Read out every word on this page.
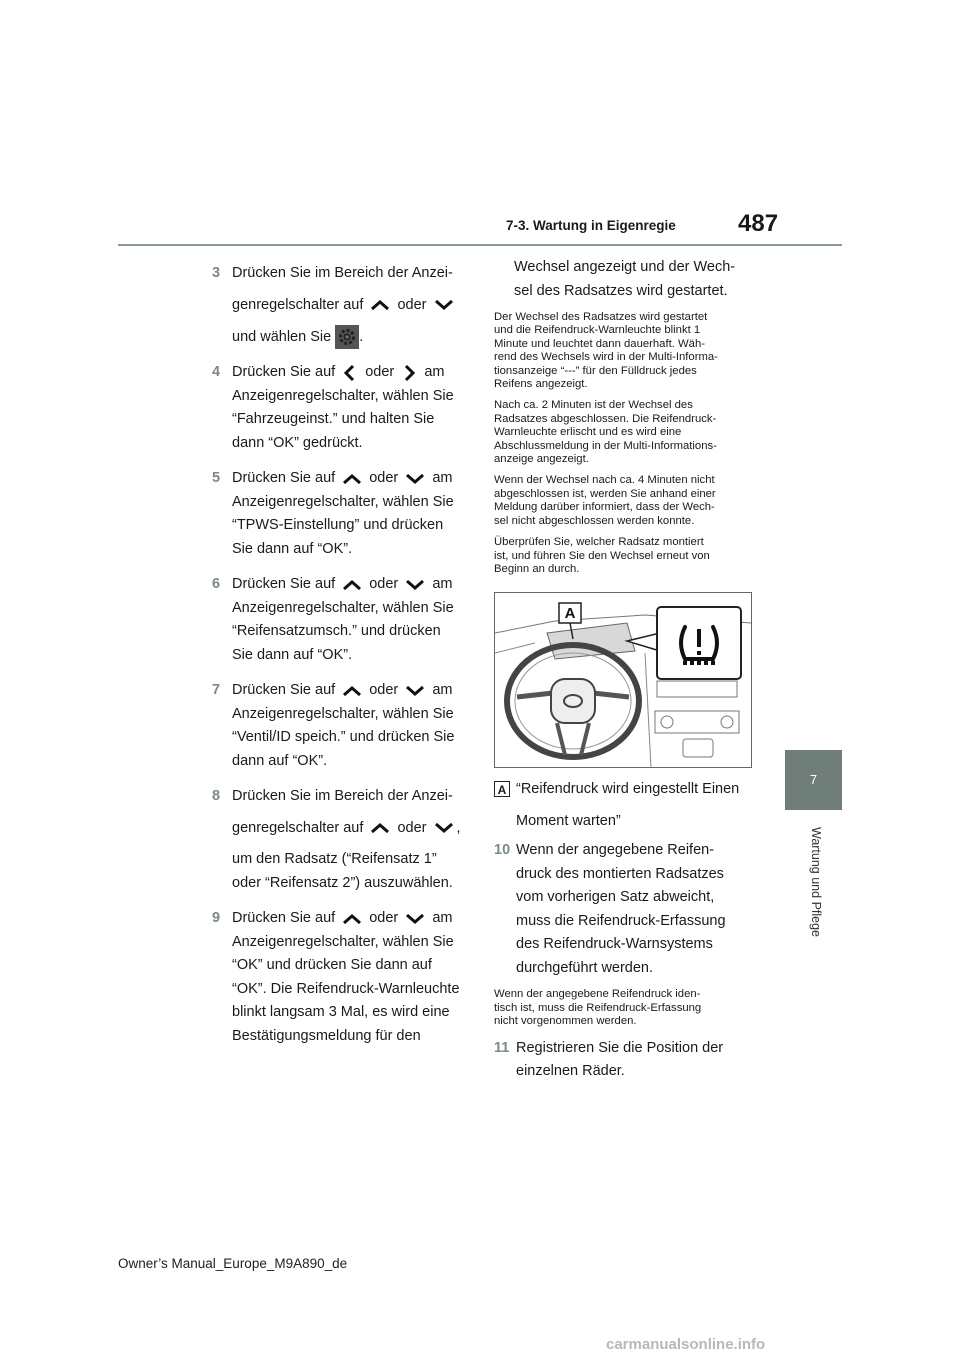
7-3. Wartung in Eigenregie	487
7
Wartung und Pflege
3 Drücken Sie im Bereich der Anzei-
genregelschalter auf oder
und wählen Sie .
4 Drücken Sie auf oder am
Anzeigenregelschalter, wählen Sie
“Fahrzeugeinst.” und halten Sie
dann “OK” gedrückt.
5 Drücken Sie auf oder am
Anzeigenregelschalter, wählen Sie
“TPWS-Einstellung” und drücken
Sie dann auf “OK”.
6 Drücken Sie auf oder am
Anzeigenregelschalter, wählen Sie
“Reifensatzumsch.” und drücken
Sie dann auf “OK”.
7 Drücken Sie auf oder am
Anzeigenregelschalter, wählen Sie
“Ventil/ID speich.” und drücken Sie
dann auf “OK”.
8 Drücken Sie im Bereich der Anzei-
genregelschalter auf oder ,
um den Radsatz (“Reifensatz 1”
oder “Reifensatz 2”) auszuwählen.
9 Drücken Sie auf oder am
Anzeigenregelschalter, wählen Sie
“OK” und drücken Sie dann auf
“OK”. Die Reifendruck-Warnleuchte
blinkt langsam 3 Mal, es wird eine
Bestätigungsmeldung für den
Wechsel angezeigt und der Wech-
sel des Radsatzes wird gestartet.
Der Wechsel des Radsatzes wird gestartet
und die Reifendruck-Warnleuchte blinkt 1
Minute und leuchtet dann dauerhaft. Wäh-
rend des Wechsels wird in der Multi-Informa-
tionsanzeige “---” für den Fülldruck jedes
Reifens angezeigt.
Nach ca. 2 Minuten ist der Wechsel des
Radsatzes abgeschlossen. Die Reifendruck-
Warnleuchte erlischt und es wird eine
Abschlussmeldung in der Multi-Informations-
anzeige angezeigt.
Wenn der Wechsel nach ca. 4 Minuten nicht
abgeschlossen ist, werden Sie anhand einer
Meldung darüber informiert, dass der Wech-
sel nicht abgeschlossen werden konnte.
Überprüfen Sie, welcher Radsatz montiert
ist, und führen Sie den Wechsel erneut von
Beginn an durch.
A
A “Reifendruck wird eingestellt Einen
Moment warten”
10 Wenn der angegebene Reifen-
druck des montierten Radsatzes
vom vorherigen Satz abweicht,
muss die Reifendruck-Erfassung
des Reifendruck-Warnsystems
durchgeführt werden.
Wenn der angegebene Reifendruck iden-
tisch ist, muss die Reifendruck-Erfassung
nicht vorgenommen werden.
11 Registrieren Sie die Position der
einzelnen Räder.
Owner’s Manual_Europe_M9A890_de
carmanualsonline.info
